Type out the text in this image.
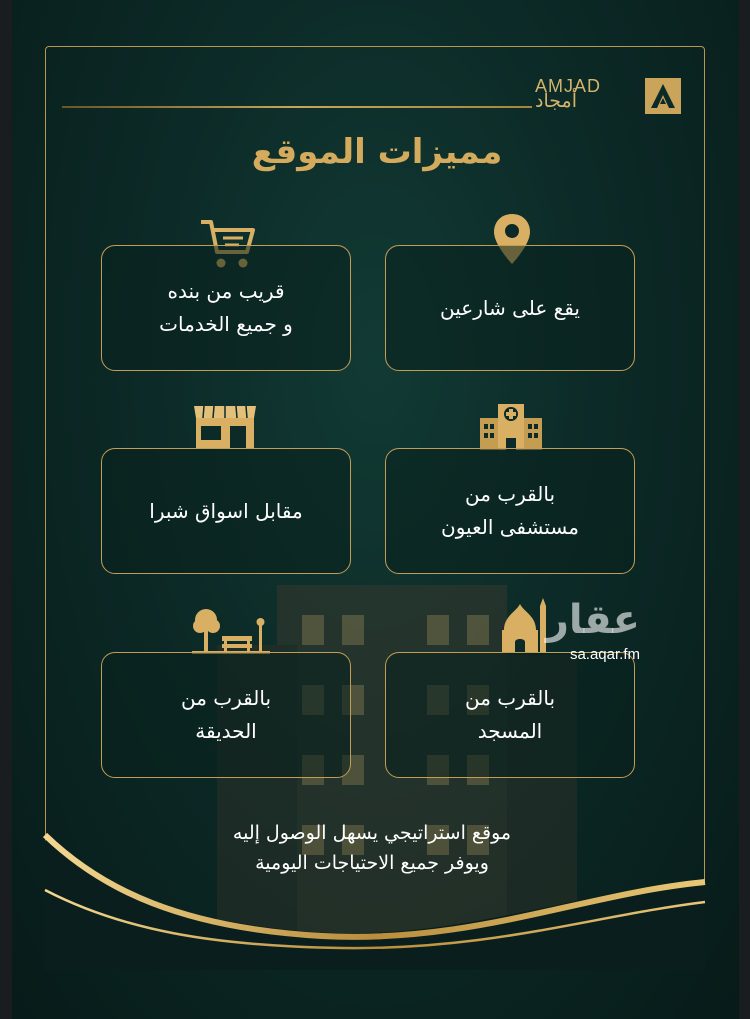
AMJAD
أمجاد
مميزات الموقع
قريب من بنده
و جميع الخدمات
يقع على شارعين
مقابل اسواق شبرا
بالقرب من
مستشفى العيون
بالقرب من
الحديقة
بالقرب من
المسجد
عقار
sa.aqar.fm
موقع استراتيجي يسهل الوصول إليه
ويوفر جميع الاحتياجات اليومية
